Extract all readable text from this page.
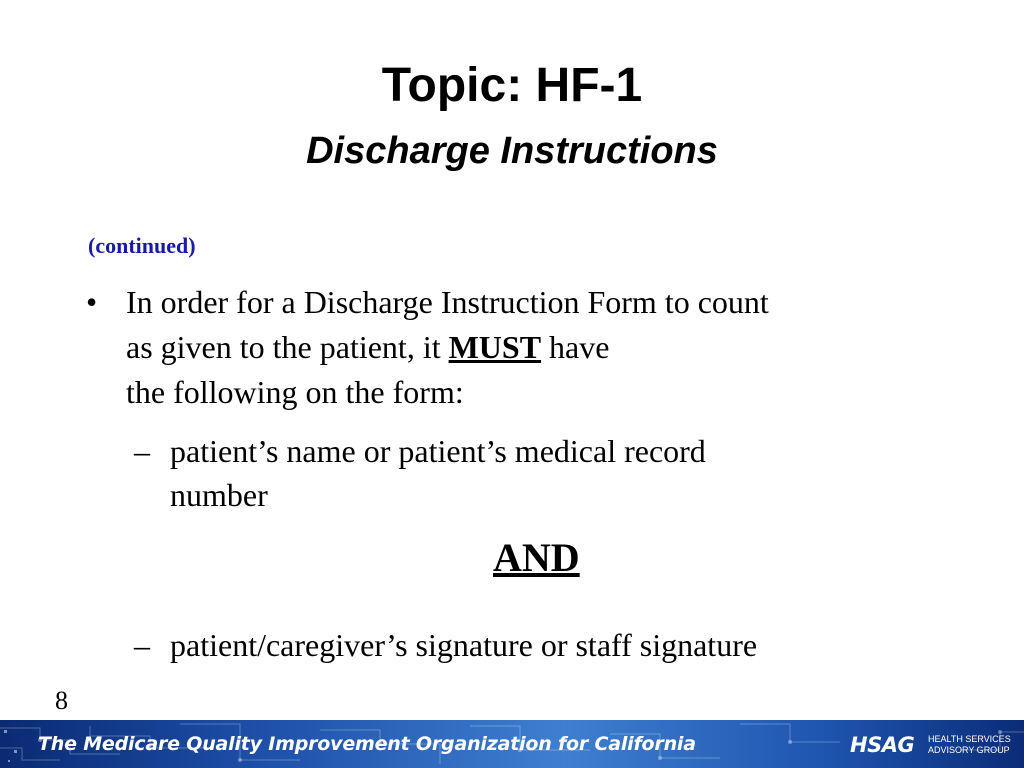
Topic: HF-1
Discharge Instructions
(continued)
• In order for a Discharge Instruction Form to count
as given to the patient, it MUST have
the following on the form:
– patient’s name or patient’s medical record
number
AND
– patient/caregiver’s signature or staff signature
8
The Medicare Quality Improvement Organization for California	HSAG HEALTH SERVICES
ADVISORY GROUP
